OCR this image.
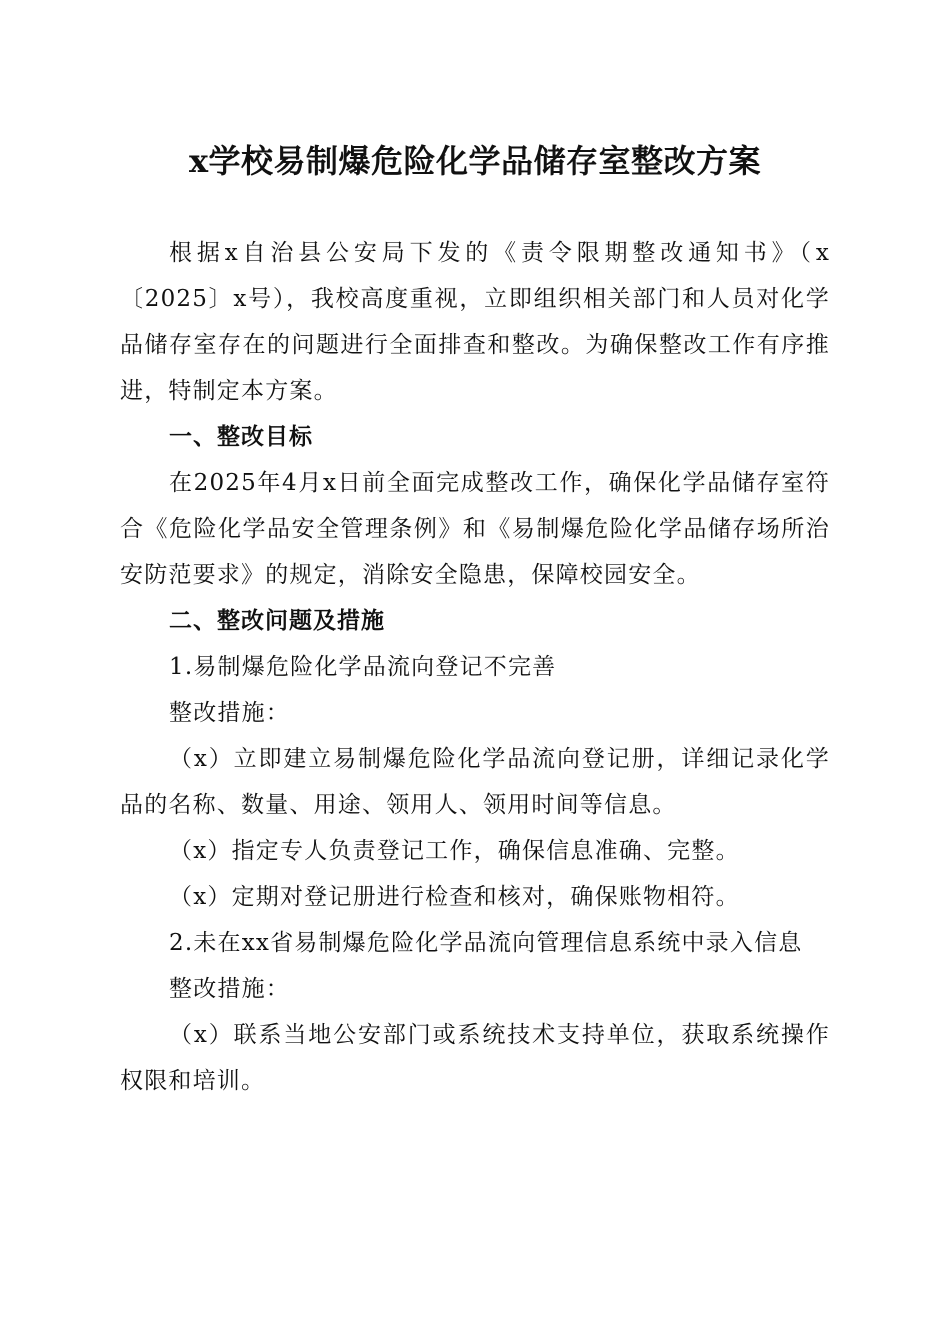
x学校易制爆危险化学品储存室整改方案

根据x自治县公安局下发的《责令限期整改通知书》（x〔2025〕x号），我校高度重视，立即组织相关部门和人员对化学品储存室存在的问题进行全面排查和整改。为确保整改工作有序推进，特制定本方案。

一、整改目标

在2025年4月x日前全面完成整改工作，确保化学品储存室符合《危险化学品安全管理条例》和《易制爆危险化学品储存场所治安防范要求》的规定，消除安全隐患，保障校园安全。

二、整改问题及措施

1.易制爆危险化学品流向登记不完善

整改措施：

（x）立即建立易制爆危险化学品流向登记册，详细记录化学品的名称、数量、用途、领用人、领用时间等信息。

（x）指定专人负责登记工作，确保信息准确、完整。

（x）定期对登记册进行检查和核对，确保账物相符。

2.未在xx省易制爆危险化学品流向管理信息系统中录入信息

整改措施：

（x）联系当地公安部门或系统技术支持单位，获取系统操作权限和培训。
